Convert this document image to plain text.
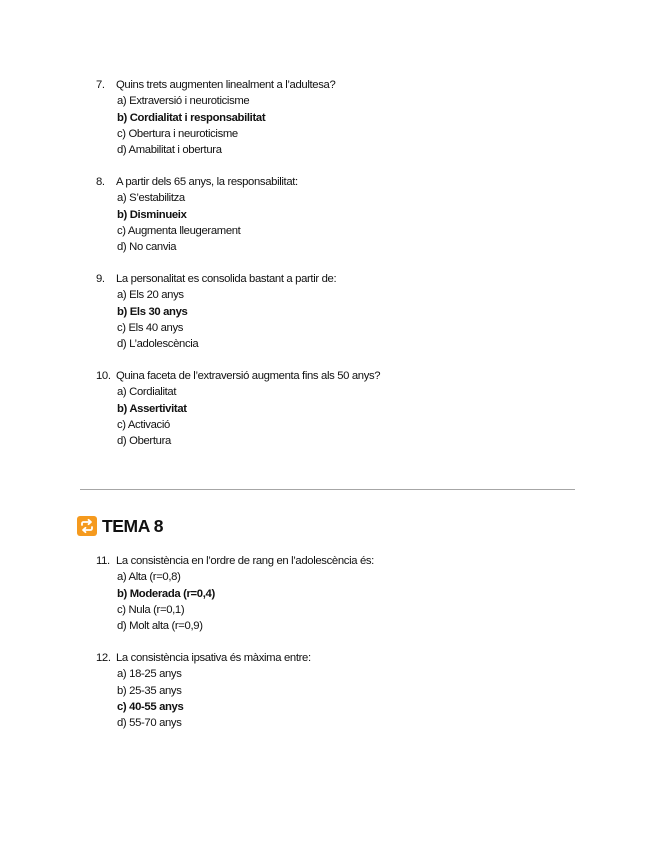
7. Quins trets augmenten linealment a l’adultesa?
a) Extraversió i neuroticisme
b) Cordialitat i responsabilitat
c) Obertura i neuroticisme
d) Amabilitat i obertura
8. A partir dels 65 anys, la responsabilitat:
a) S’estabilitza
b) Disminueix
c) Augmenta lleugerament
d) No canvia
9. La personalitat es consolida bastant a partir de:
a) Els 20 anys
b) Els 30 anys
c) Els 40 anys
d) L’adolescència
10. Quina faceta de l’extraversió augmenta fins als 50 anys?
a) Cordialitat
b) Assertivitat
c) Activació
d) Obertura
TEMA 8
11. La consistència en l’ordre de rang en l’adolescència és:
a) Alta (r=0,8)
b) Moderada (r=0,4)
c) Nula (r=0,1)
d) Molt alta (r=0,9)
12. La consistència ipsativa és màxima entre:
a) 18-25 anys
b) 25-35 anys
c) 40-55 anys
d) 55-70 anys
